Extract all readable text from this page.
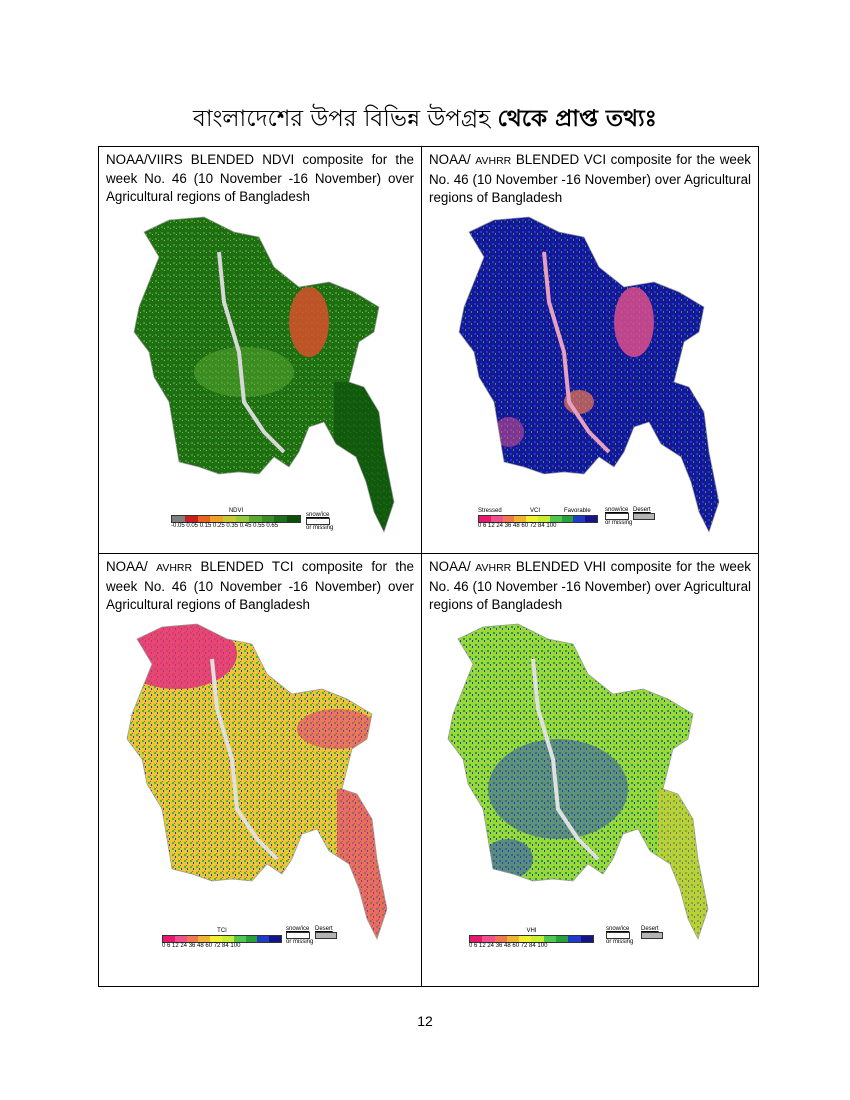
বাংলাদেশের উপর বিভিন্ন উপগ্রহ থেকে প্রাপ্ত তথ্যঃ
NOAA/VIIRS BLENDED NDVI composite for the week No. 46 (10 November -16 November) over Agricultural regions of Bangladesh
NDVI
-0.05 0.05 0.15 0.25 0.35 0.45 0.55 0.65
snow/ice
or missing
NOAA/ AVHRR BLENDED VCI composite for the week No. 46 (10 November -16 November) over Agricultural regions of Bangladesh
Stressed	VCI	Favorable
0 6 12 24 36 48 60 72 84 100
snow/ice
or missing
Desert
NOAA/ AVHRR BLENDED TCI composite for the week No. 46 (10 November -16 November) over Agricultural regions of Bangladesh
TCI
0 6 12 24 36 48 60 72 84 100
snow/ice
or missing
Desert
NOAA/ AVHRR BLENDED VHI composite for the week No. 46 (10 November -16 November) over Agricultural regions of Bangladesh
VHI
0 6 12 24 36 48 60 72 84 100
snow/ice
or missing
Desert
12
